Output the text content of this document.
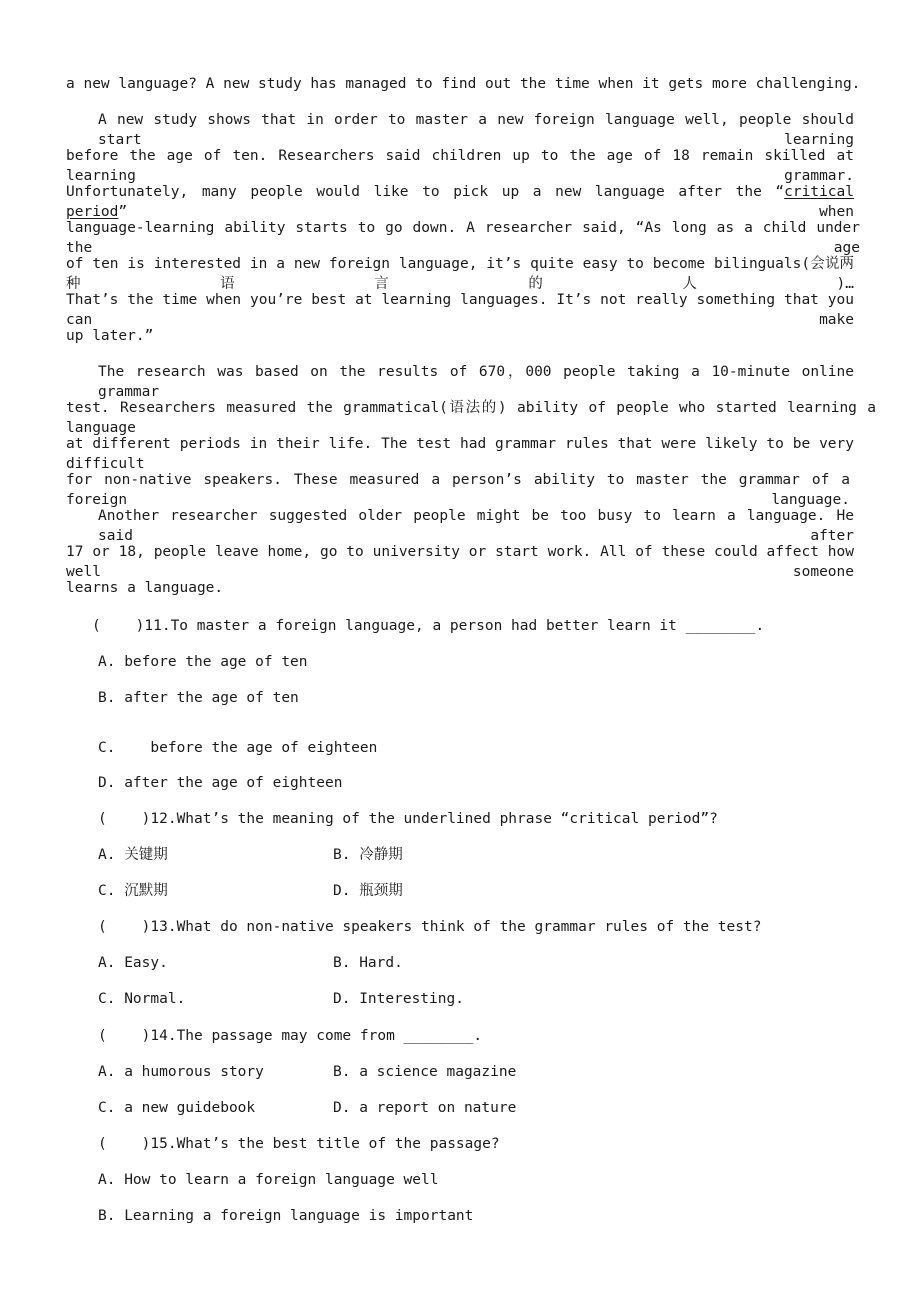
a new language? A new study has managed to find out the time when it gets more challenging.
A new study shows that in order to master a new foreign language well, people should start learning
before the age of ten. Researchers said children up to the age of 18 remain skilled at learning grammar.
Unfortunately, many people would like to pick up a new language after the “critical period” when
language-learning ability starts to go down. A researcher said, “As long as a child under the age
of ten is interested in a new foreign language, it’s quite easy to become bilinguals(会说两种语言的人)…
That’s the time when you’re best at learning languages. It’s not really something that you can make
up later.”
The research was based on the results of 670，000 people taking a 10-minute online grammar
test. Researchers measured the grammatical(语法的) ability of people who started learning a language
at different periods in their life. The test had grammar rules that were likely to be very difficult
for non-native speakers. These measured a person’s ability to master the grammar of a foreign language.
Another researcher suggested older people might be too busy to learn a language. He said after
17 or 18, people leave home, go to university or start work. All of these could affect how well someone
learns a language.
(    )11.To master a foreign language, a person had better learn it ________.
A. before the age of ten
B. after the age of ten
C.    before the age of eighteen
D. after the age of eighteen
(    )12.What’s the meaning of the underlined phrase “critical period”?
A. 关键期	B. 冷静期
C. 沉默期	D. 瓶颈期
(    )13.What do non-native speakers think of the grammar rules of the test?
A. Easy.	B. Hard.
C. Normal.	D. Interesting.
(    )14.The passage may come from ________.
A. a humorous story	B. a science magazine
C. a new guidebook	D. a report on nature
(    )15.What’s the best title of the passage?
A. How to learn a foreign language well
B. Learning a foreign language is important
